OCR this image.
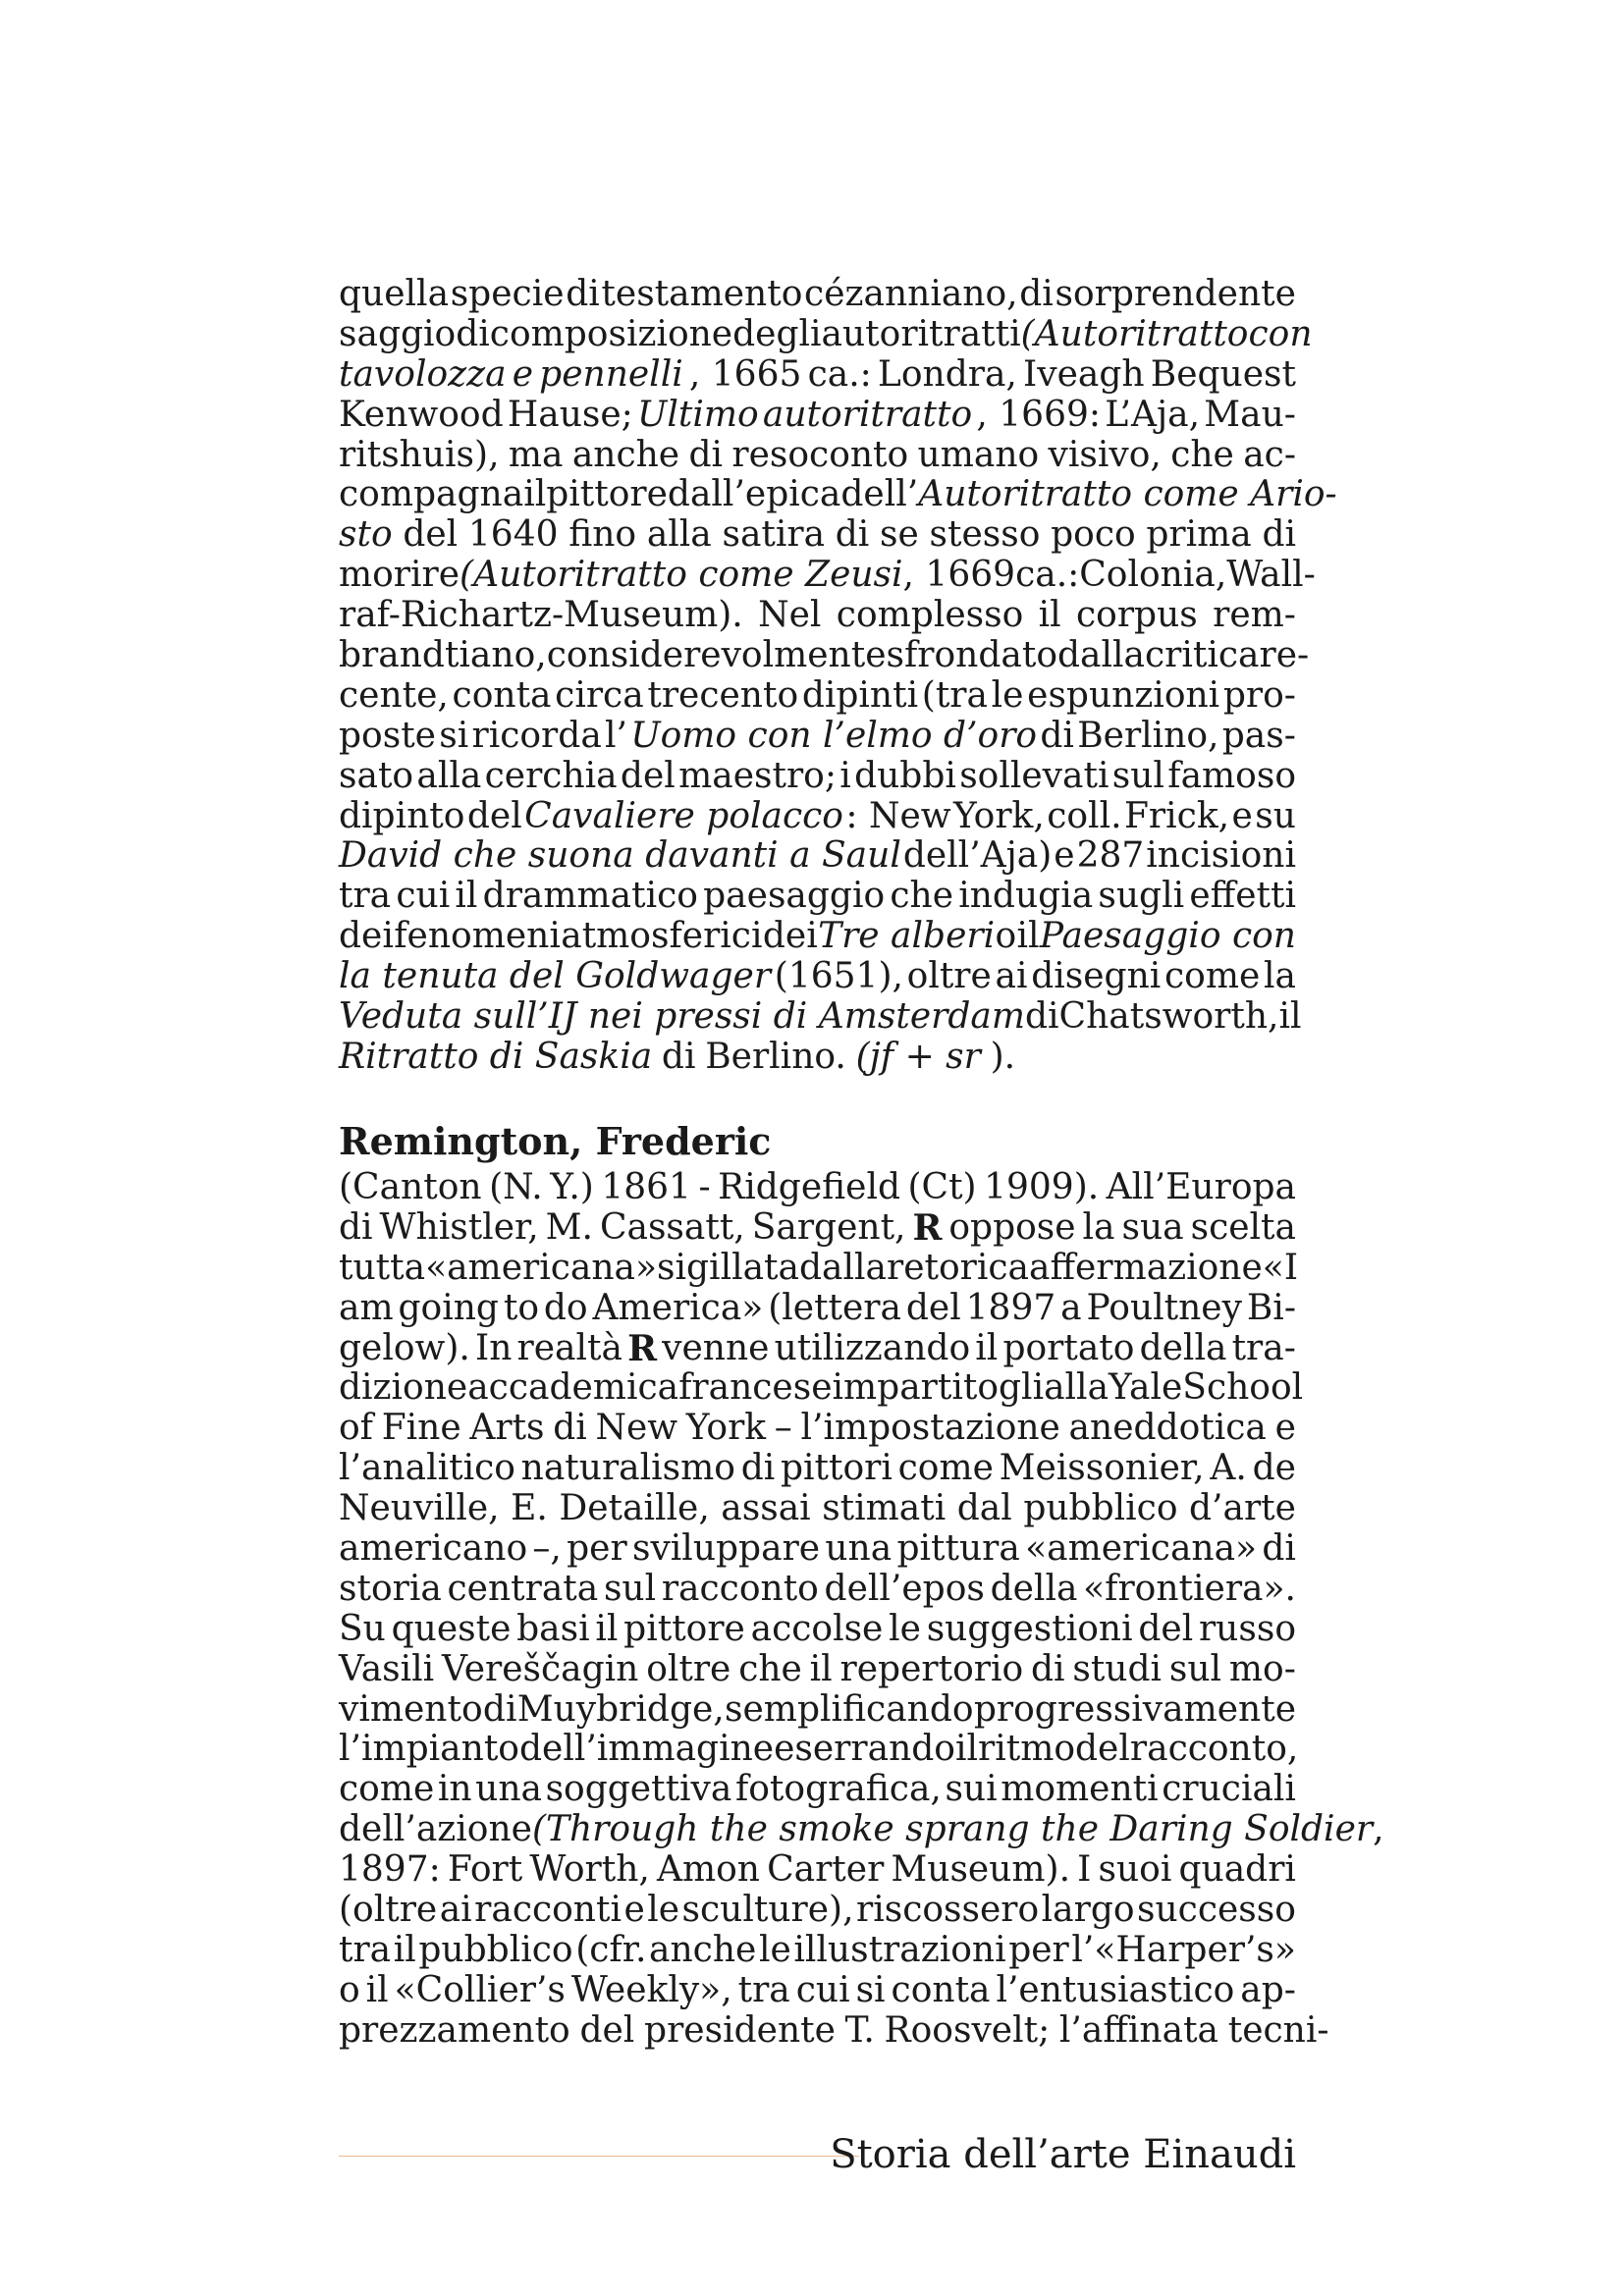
quella specie di testamento cézanniano, di sorprendente
saggio di composizione degli autoritratti (Autoritratto con
tavolozza e pennelli , 1665 ca.: Londra, Iveagh Bequest
Kenwood Hause; Ultimo autoritratto , 1669: L’Aja, Mau-
ritshuis), ma anche di resoconto umano visivo, che ac-
compagna il pittore dall’epica dell’ Autoritratto come Ario-
sto del 1640 fino alla satira di se stesso poco prima di
morire (Autoritratto come Zeusi , 1669 ca.: Colonia, Wall-
raf-Richartz-Museum). Nel complesso il corpus rem-
brandtiano, considerevolmente sfrondato dalla critica re-
cente, conta circa trecento dipinti (tra le espunzioni pro-
poste si ricorda l’ Uomo con l’elmo d’oro di Berlino, pas-
sato alla cerchia del maestro; i dubbi sollevati sul famoso
dipinto del Cavaliere polacco : New York, coll. Frick, e su
David che suona davanti a Saul dell’Aja) e 287 incisioni
tra cui il drammatico paesaggio che indugia sugli effetti
dei fenomeni atmosferici dei Tre alberi o il Paesaggio con
la tenuta del Goldwager (1651), oltre ai disegni come la
Veduta sull’IJ nei pressi di Amsterdam di Chatsworth, il
Ritratto di Saskia di Berlino. (jf + sr ).
Remington, Frederic
(Canton (N. Y.) 1861 - Ridgefield (Ct) 1909). All’Europa
di Whistler, M. Cassatt, Sargent, R oppose la sua scelta
tutta «americana» sigillata dalla retorica affermazione «I
am going to do America» (lettera del 1897 a Poultney Bi-
gelow). In realtà R venne utilizzando il portato della tra-
dizione accademica francese impartitogli alla Yale School
of Fine Arts di New York – l’impostazione aneddotica e
l’analitico naturalismo di pittori come Meissonier, A. de
Neuville, E. Detaille, assai stimati dal pubblico d’arte
americano –, per sviluppare una pittura «americana» di
storia centrata sul racconto dell’epos della «frontiera».
Su queste basi il pittore accolse le suggestioni del russo
Vasili Vereščagin oltre che il repertorio di studi sul mo-
vimento di Muybridge, semplificando progressivamente
l’impianto dell’immagine e serrando il ritmo del racconto,
come in una soggettiva fotografica, sui momenti cruciali
dell’azione (Through the smoke sprang the Daring Soldier ,
1897: Fort Worth, Amon Carter Museum). I suoi quadri
(oltre ai racconti e le sculture), riscossero largo successo
tra il pubblico (cfr. anche le illustrazioni per l’«Harper’s»
o il «Collier’s Weekly», tra cui si conta l’entusiastico ap-
prezzamento del presidente T. Roosvelt; l’affinata tecni-
Storia dell’arte Einaudi
